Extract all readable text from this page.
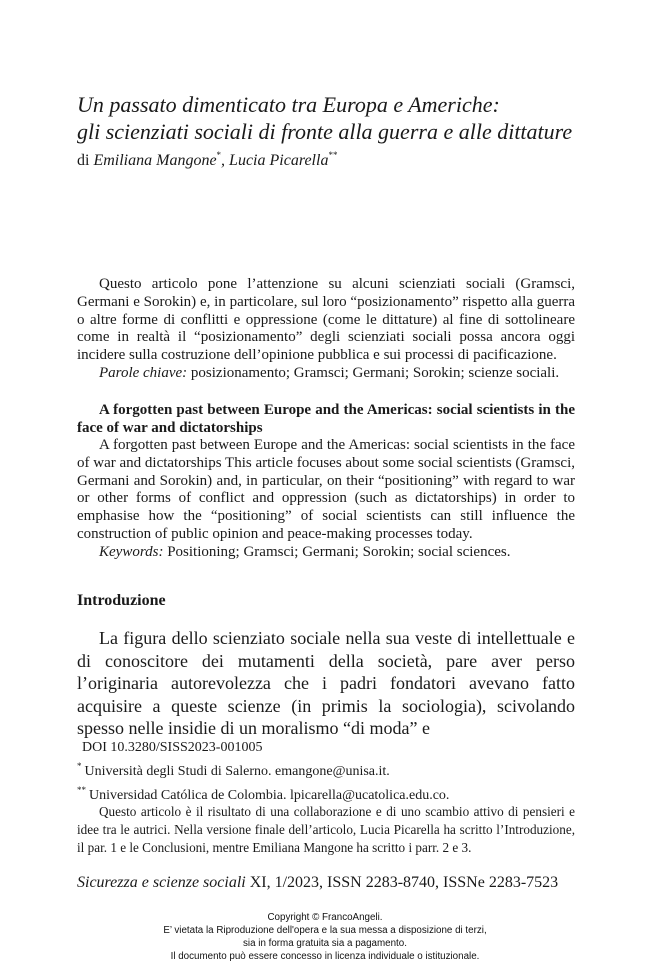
Un passato dimenticato tra Europa e Americhe:
gli scienziati sociali di fronte alla guerra e alle dittature
di Emiliana Mangone*, Lucia Picarella**

Questo articolo pone l’attenzione su alcuni scienziati sociali (Gramsci, Germani e Sorokin) e, in particolare, sul loro “posizionamento” rispetto alla guerra o altre forme di conflitti e oppressione (come le dittature) al fine di sottolineare come in realtà il “posizionamento” degli scienziati sociali possa ancora oggi incidere sulla costruzione dell’opinione pubblica e sui processi di pacificazione.

Parole chiave: posizionamento; Gramsci; Germani; Sorokin; scienze sociali.

A forgotten past between Europe and the Americas: social scientists in the face of war and dictatorships

A forgotten past between Europe and the Americas: social scientists in the face of war and dictatorships This article focuses about some social scientists (Gramsci, Germani and Sorokin) and, in particular, on their “positioning” with regard to war or other forms of conflict and oppression (such as dictatorships) in order to emphasise how the “positioning” of social scientists can still influence the construction of public opinion and peace-making processes today.

Keywords: Positioning; Gramsci; Germani; Sorokin; social sciences.

Introduzione

La figura dello scienziato sociale nella sua veste di intellettuale e di conoscitore dei mutamenti della società, pare aver perso l’originaria autorevolezza che i padri fondatori avevano fatto acquisire a queste scienze (in primis la sociologia), scivolando spesso nelle insidie di un moralismo “di moda” e

DOI 10.3280/SISS2023-001005

* Università degli Studi di Salerno. emangone@unisa.it.

** Universidad Católica de Colombia. lpicarella@ucatolica.edu.co.

Questo articolo è il risultato di una collaborazione e di uno scambio attivo di pensieri e idee tra le autrici. Nella versione finale dell’articolo, Lucia Picarella ha scritto l’Introduzione, il par. 1 e le Conclusioni, mentre Emiliana Mangone ha scritto i parr. 2 e 3.

Sicurezza e scienze sociali XI, 1/2023, ISSN 2283-8740, ISSNe 2283-7523
Copyright © FrancoAngeli.
E’ vietata la Riproduzione dell'opera e la sua messa a disposizione di terzi,
sia in forma gratuita sia a pagamento.
Il documento può essere concesso in licenza individuale o istituzionale.
